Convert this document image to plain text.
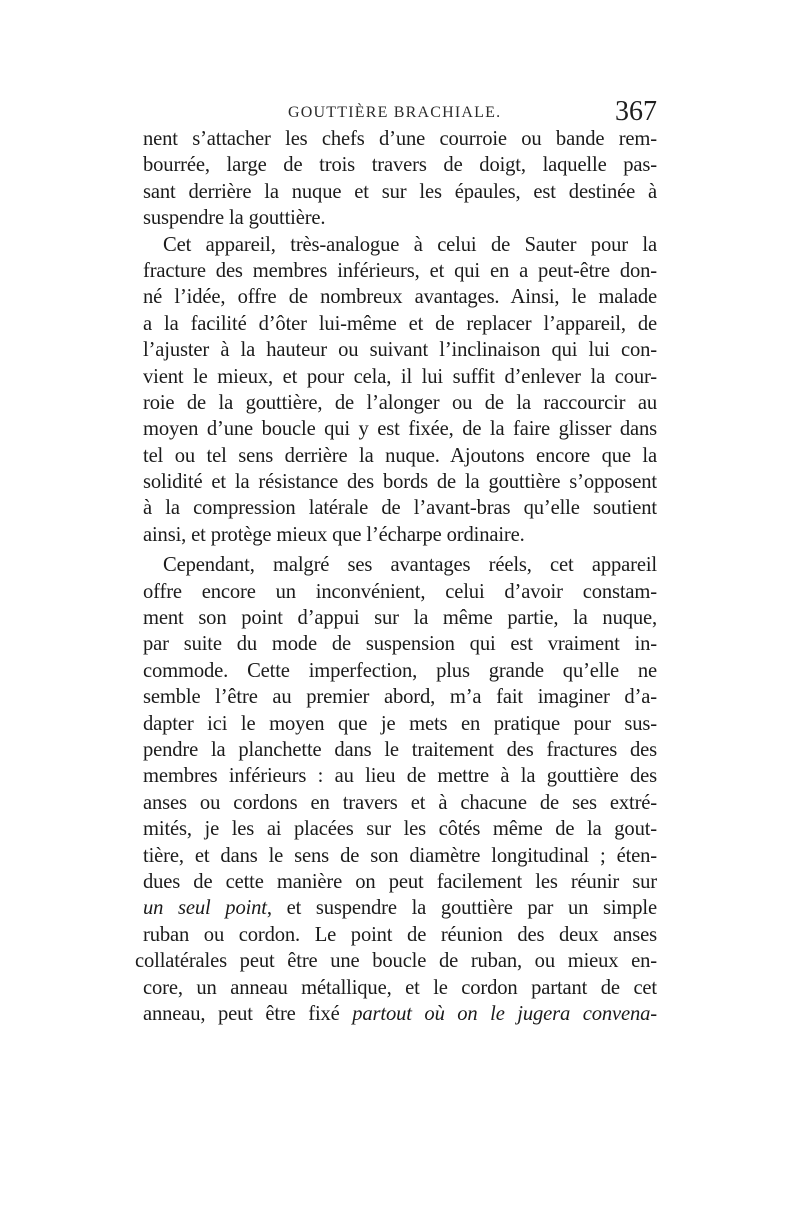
GOUTTIÈRE BRACHIALE.	367
nent s’attacher les chefs d’une courroie ou bande rem-
bourrée, large de trois travers de doigt, laquelle pas-
sant derrière la nuque et sur les épaules, est destinée à
suspendre la gouttière.
Cet appareil, très-analogue à celui de Sauter pour la
fracture des membres inférieurs, et qui en a peut-être don-
né l’idée, offre de nombreux avantages. Ainsi, le malade
a la facilité d’ôter lui-même et de replacer l’appareil, de
l’ajuster à la hauteur ou suivant l’inclinaison qui lui con-
vient le mieux, et pour cela, il lui suffit d’enlever la cour-
roie de la gouttière, de l’alonger ou de la raccourcir au
moyen d’une boucle qui y est fixée, de la faire glisser dans
tel ou tel sens derrière la nuque. Ajoutons encore que la
solidité et la résistance des bords de la gouttière s’opposent
à la compression latérale de l’avant-bras qu’elle soutient
ainsi, et protège mieux que l’écharpe ordinaire.
Cependant, malgré ses avantages réels, cet appareil
offre encore un inconvénient, celui d’avoir constam-
ment son point d’appui sur la même partie, la nuque,
par suite du mode de suspension qui est vraiment in-
commode. Cette imperfection, plus grande qu’elle ne
semble l’être au premier abord, m’a fait imaginer d’a-
dapter ici le moyen que je mets en pratique pour sus-
pendre la planchette dans le traitement des fractures des
membres inférieurs : au lieu de mettre à la gouttière des
anses ou cordons en travers et à chacune de ses extré-
mités, je les ai placées sur les côtés même de la gout-
tière, et dans le sens de son diamètre longitudinal ; éten-
dues de cette manière on peut facilement les réunir sur
un seul point, et suspendre la gouttière par un simple
ruban ou cordon. Le point de réunion des deux anses
collatérales peut être une boucle de ruban, ou mieux en-
core, un anneau métallique, et le cordon partant de cet
anneau, peut être fixé partout où on le jugera convena-
